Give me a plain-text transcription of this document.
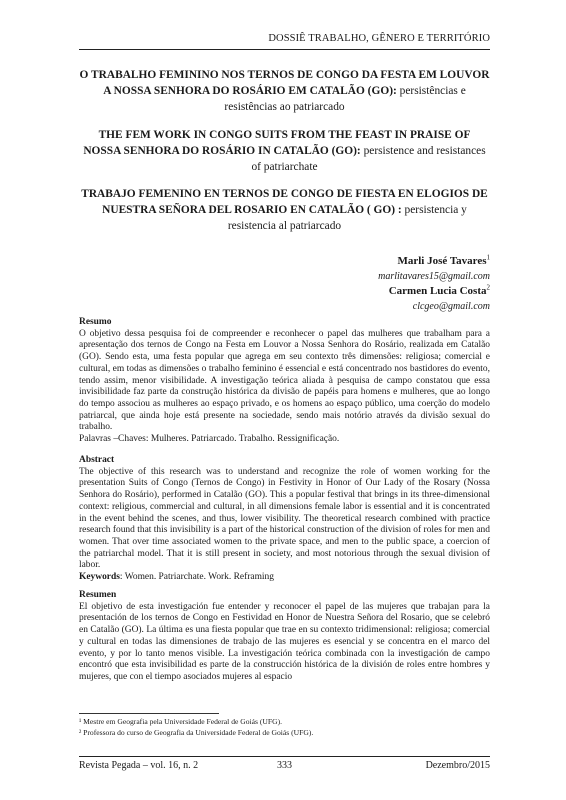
DOSSIÊ TRABALHO, GÊNERO E TERRITÓRIO
O TRABALHO FEMININO NOS TERNOS DE CONGO DA FESTA EM LOUVOR A NOSSA SENHORA DO ROSÁRIO EM CATALÃO (GO): persistências e resistências ao patriarcado
THE FEM WORK IN CONGO SUITS FROM THE FEAST IN PRAISE OF NOSSA SENHORA DO ROSÁRIO IN CATALÃO (GO): persistence and resistances of patriarchate
TRABAJO FEMENINO EN TERNOS DE CONGO DE FIESTA EN ELOGIOS DE NUESTRA SEÑORA DEL ROSARIO EN CATALÃO ( GO) : persistencia y resistencia al patriarcado
Marli José Tavares$^1$
marlitavares15@gmail.com
Carmen Lucia Costa$^2$
clcgeo@gmail.com
Resumo
O objetivo dessa pesquisa foi de compreender e reconhecer o papel das mulheres que trabalham para a apresentação dos ternos de Congo na Festa em Louvor a Nossa Senhora do Rosário, realizada em Catalão (GO). Sendo esta, uma festa popular que agrega em seu contexto três dimensões: religiosa; comercial e cultural, em todas as dimensões o trabalho feminino é essencial e está concentrado nos bastidores do evento, tendo assim, menor visibilidade. A investigação teórica aliada à pesquisa de campo constatou que essa invisibilidade faz parte da construção histórica da divisão de papéis para homens e mulheres, que ao longo do tempo associou as mulheres ao espaço privado, e os homens ao espaço público, uma coerção do modelo patriarcal, que ainda hoje está presente na sociedade, sendo mais notório através da divisão sexual do trabalho.
Palavras –Chaves: Mulheres. Patriarcado. Trabalho. Ressignificação.
Abstract
The objective of this research was to understand and recognize the role of women working for the presentation Suits of Congo (Ternos de Congo) in Festivity in Honor of Our Lady of the Rosary (Nossa Senhora do Rosário), performed in Catalão (GO). This a popular festival that brings in its three-dimensional context: religious, commercial and cultural, in all dimensions female labor is essential and it is concentrated in the event behind the scenes, and thus, lower visibility. The theoretical research combined with practice research found that this invisibility is a part of the historical construction of the division of roles for men and women. That over time associated women to the private space, and men to the public space, a coercion of the patriarchal model. That it is still present in society, and most notorious through the sexual division of labor.
Keywords: Women. Patriarchate. Work. Reframing
Resumen
El objetivo de esta investigación fue entender y reconocer el papel de las mujeres que trabajan para la presentación de los ternos de Congo en Festividad en Honor de Nuestra Señora del Rosario, que se celebró en Catalão (GO). La última es una fiesta popular que trae en su contexto tridimensional: religiosa; comercial y cultural en todas las dimensiones de trabajo de las mujeres es esencial y se concentra en el marco del evento, y por lo tanto menos visible. La investigación teórica combinada con la investigación de campo encontró que esta invisibilidad es parte de la construcción histórica de la división de roles entre hombres y mujeres, que con el tiempo asociados mujeres al espacio
¹ Mestre em Geografia pela Universidade Federal de Goiás (UFG).
² Professora do curso de Geografia da Universidade Federal de Goiás (UFG).
Revista Pegada – vol. 16, n. 2	333	Dezembro/2015
